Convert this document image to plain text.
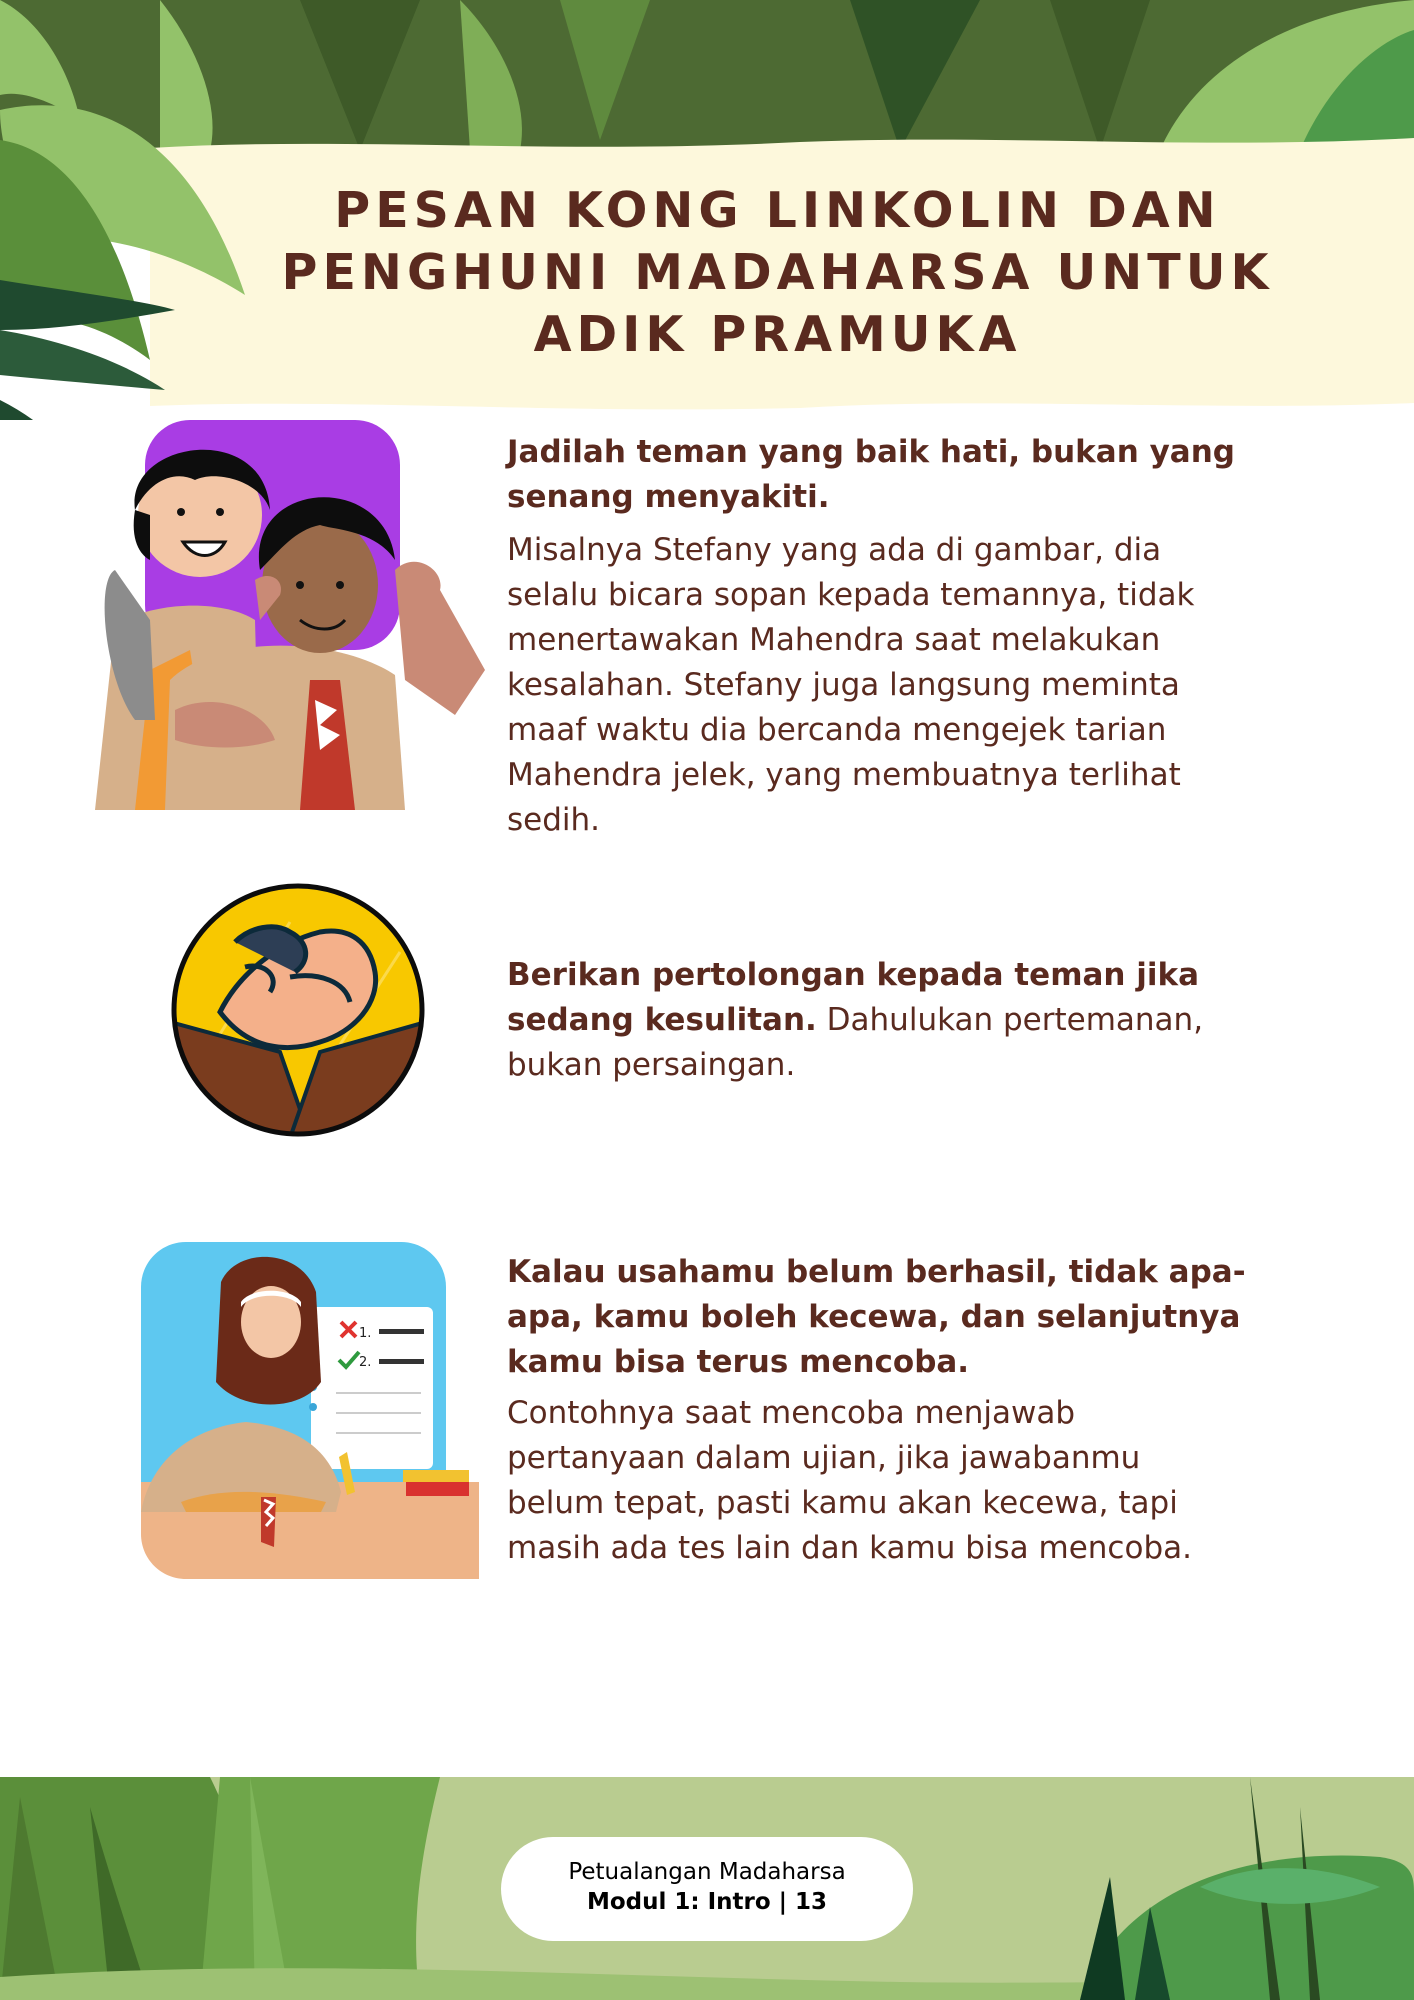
PESAN KONG LINKOLIN DAN PENGHUNI MADAHARSA UNTUK ADIK PRAMUKA

Jadilah teman yang baik hati, bukan yang senang menyakiti.

Misalnya Stefany yang ada di gambar, dia selalu bicara sopan kepada temannya, tidak menertawakan Mahendra saat melakukan kesalahan. Stefany juga langsung meminta maaf waktu dia bercanda mengejek tarian Mahendra jelek, yang membuatnya terlihat sedih.

Berikan pertolongan kepada teman jika sedang kesulitan. Dahulukan pertemanan, bukan persaingan.

1.
2.

Kalau usahamu belum berhasil, tidak apa-apa, kamu boleh kecewa, dan selanjutnya kamu bisa terus mencoba.

Contohnya saat mencoba menjawab pertanyaan dalam ujian, jika jawabanmu belum tepat, pasti kamu akan kecewa, tapi masih ada tes lain dan kamu bisa mencoba.

Petualangan Madaharsa
Modul 1: Intro | 13
